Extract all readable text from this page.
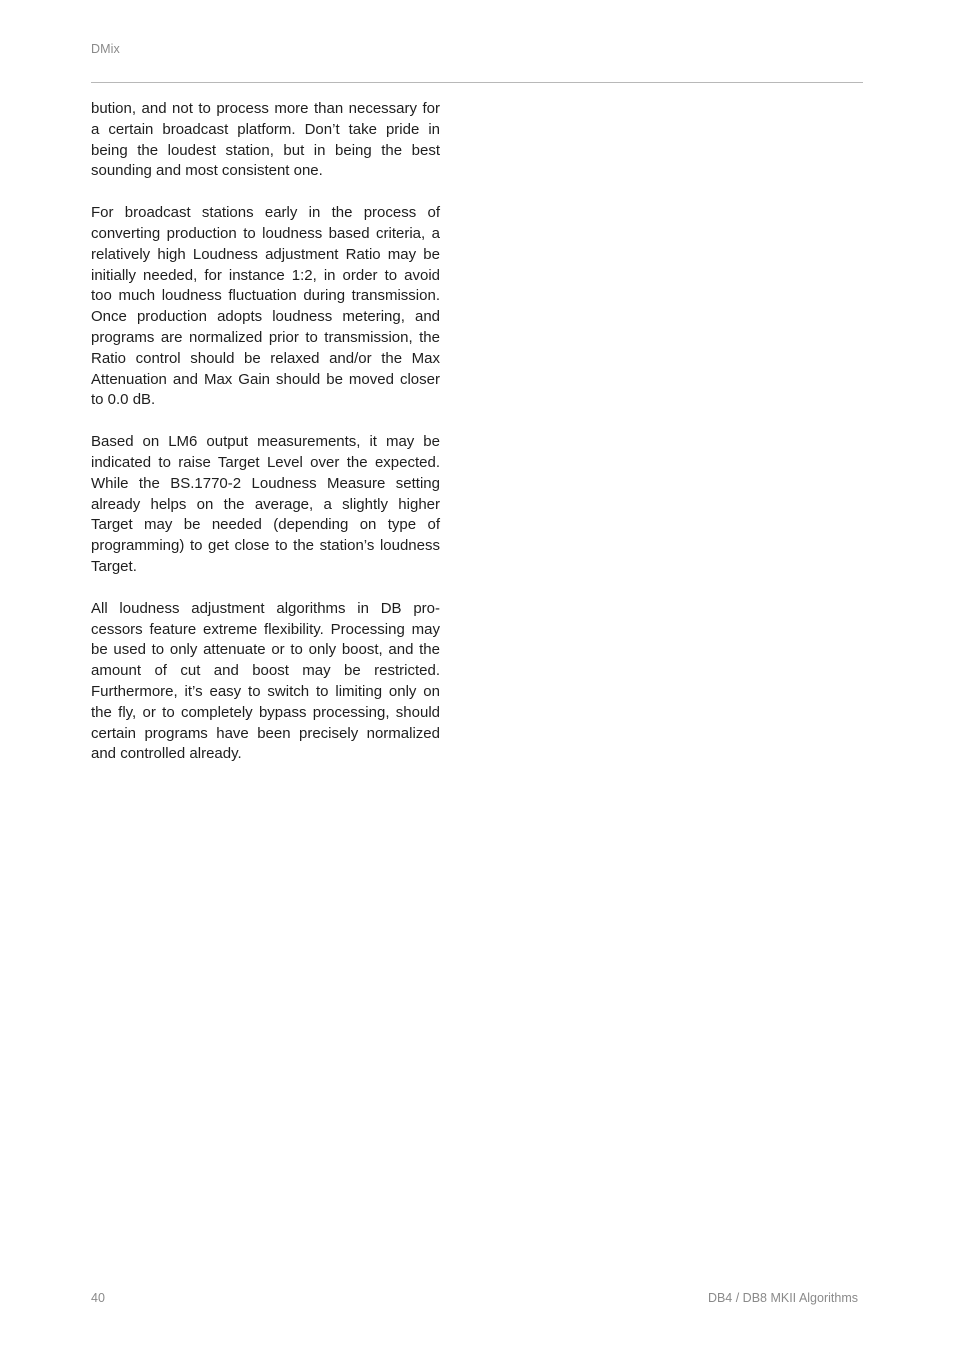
DMix

bution, and not to process more than necessary for a certain broadcast platform. Don’t take pride in being the loudest station, but in being the best sounding and most consistent one.

For broadcast stations early in the process of converting production to loudness based criteria, a relatively high Loudness adjustment Ratio may be initially needed, for instance 1:2, in order to avoid too much loudness fluctuation during transmission. Once production adopts loudness metering, and programs are normalized prior to transmission, the Ratio control should be relaxed and/or the Max Attenuation and Max Gain should be moved closer to 0.0 dB.

Based on LM6 output measurements, it may be indicated to raise Target Level over the expected. While the BS.1770-2 Loudness Measure setting already helps on the average, a slightly higher Target may be needed (depending on type of programming) to get close to the station’s loudness Target.

All loudness adjustment algorithms in DB processors feature extreme flexibility. Processing may be used to only attenuate or to only boost, and the amount of cut and boost may be restricted. Furthermore, it’s easy to switch to limiting only on the fly, or to completely bypass processing, should certain programs have been precisely normalized and controlled already.

40	DB4 / DB8 MKII Algorithms
